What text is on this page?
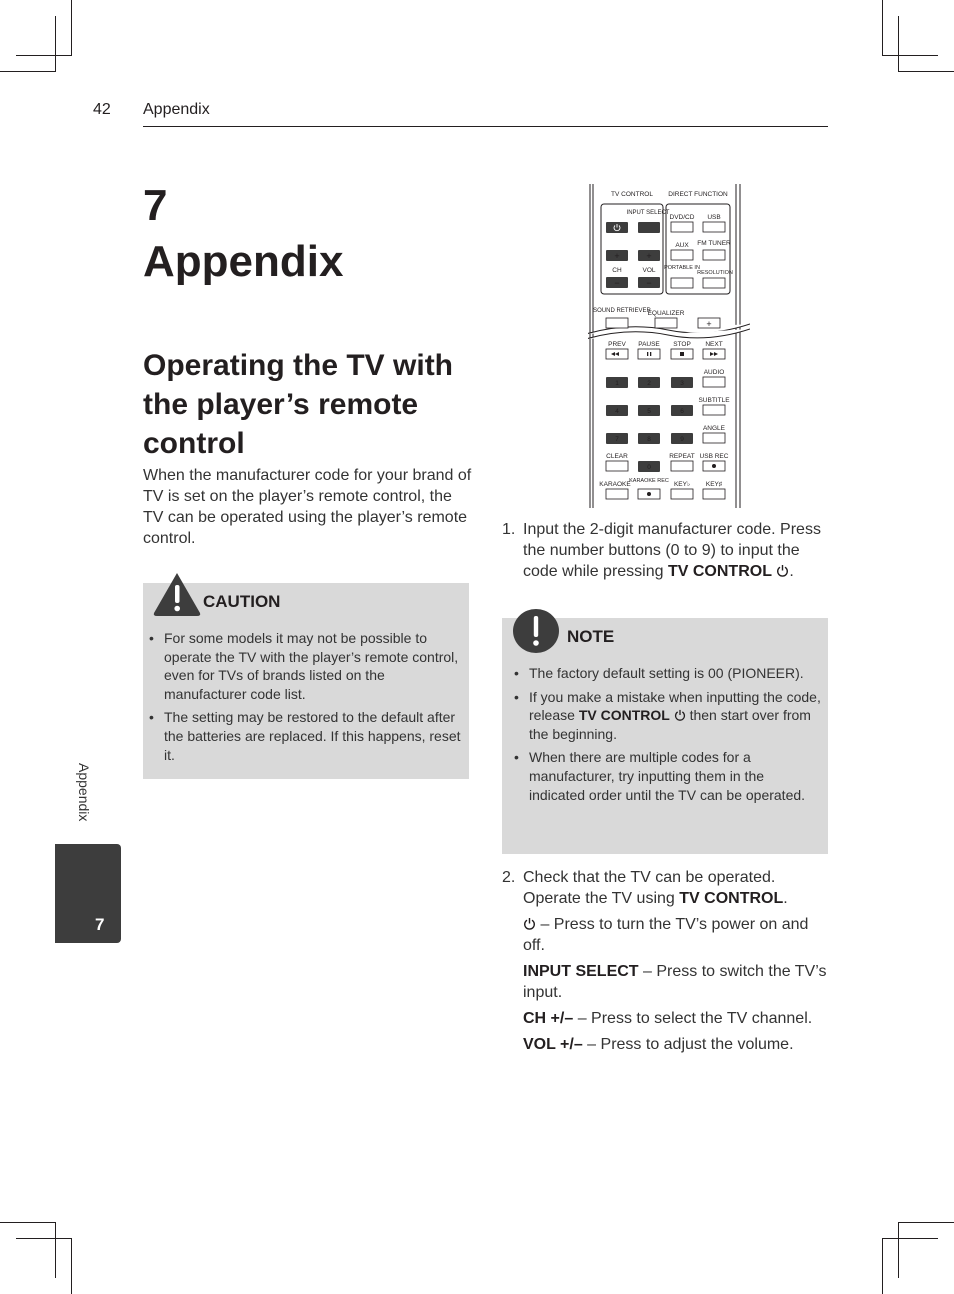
42 Appendix
7
Appendix
Operating the TV with the player’s remote control
When the manufacturer code for your brand of TV is set on the player’s remote control, the TV can be operated using the player’s remote control.
CAUTION
• For some models it may not be possible to operate the TV with the player’s remote control, even for TVs of brands listed on the manufacturer code list.
• The setting may be restored to the default after the batteries are replaced. If this happens, reset it.
TV CONTROL DIRECT FUNCTION
INPUT SELECT
DVD/CD USB
AUX FM TUNER
CH	VOL PORTABLE IN
RESOLUTION
SOUND RETRIEVER
EQUALIZER
PREV PAUSE STOP NEXT
AUDIO
SUBTITLE
ANGLE
CLEAR	REPEAT USB REC
KARAOKE
KARAOKE REC KEY♭ KEY♯
1	2	3
4	5	6
7	8	9
0
+	+
−	−
+
1. Input the 2-digit manufacturer code. Press the number buttons (0 to 9) to input the code while pressing TV CONTROL .
NOTE
• The factory default setting is 00 (PIONEER).
• If you make a mistake when inputting the code, release TV CONTROL  then start over from the beginning.
• When there are multiple codes for a manufacturer, try inputting them in the indicated order until the TV can be operated.
2. Check that the TV can be operated. Operate the TV using TV CONTROL.

– Press to turn the TV’s power on and off.

INPUT SELECT – Press to switch the TV’s input.

CH +/– – Press to select the TV channel.

VOL +/– – Press to adjust the volume.

Appendix
7
